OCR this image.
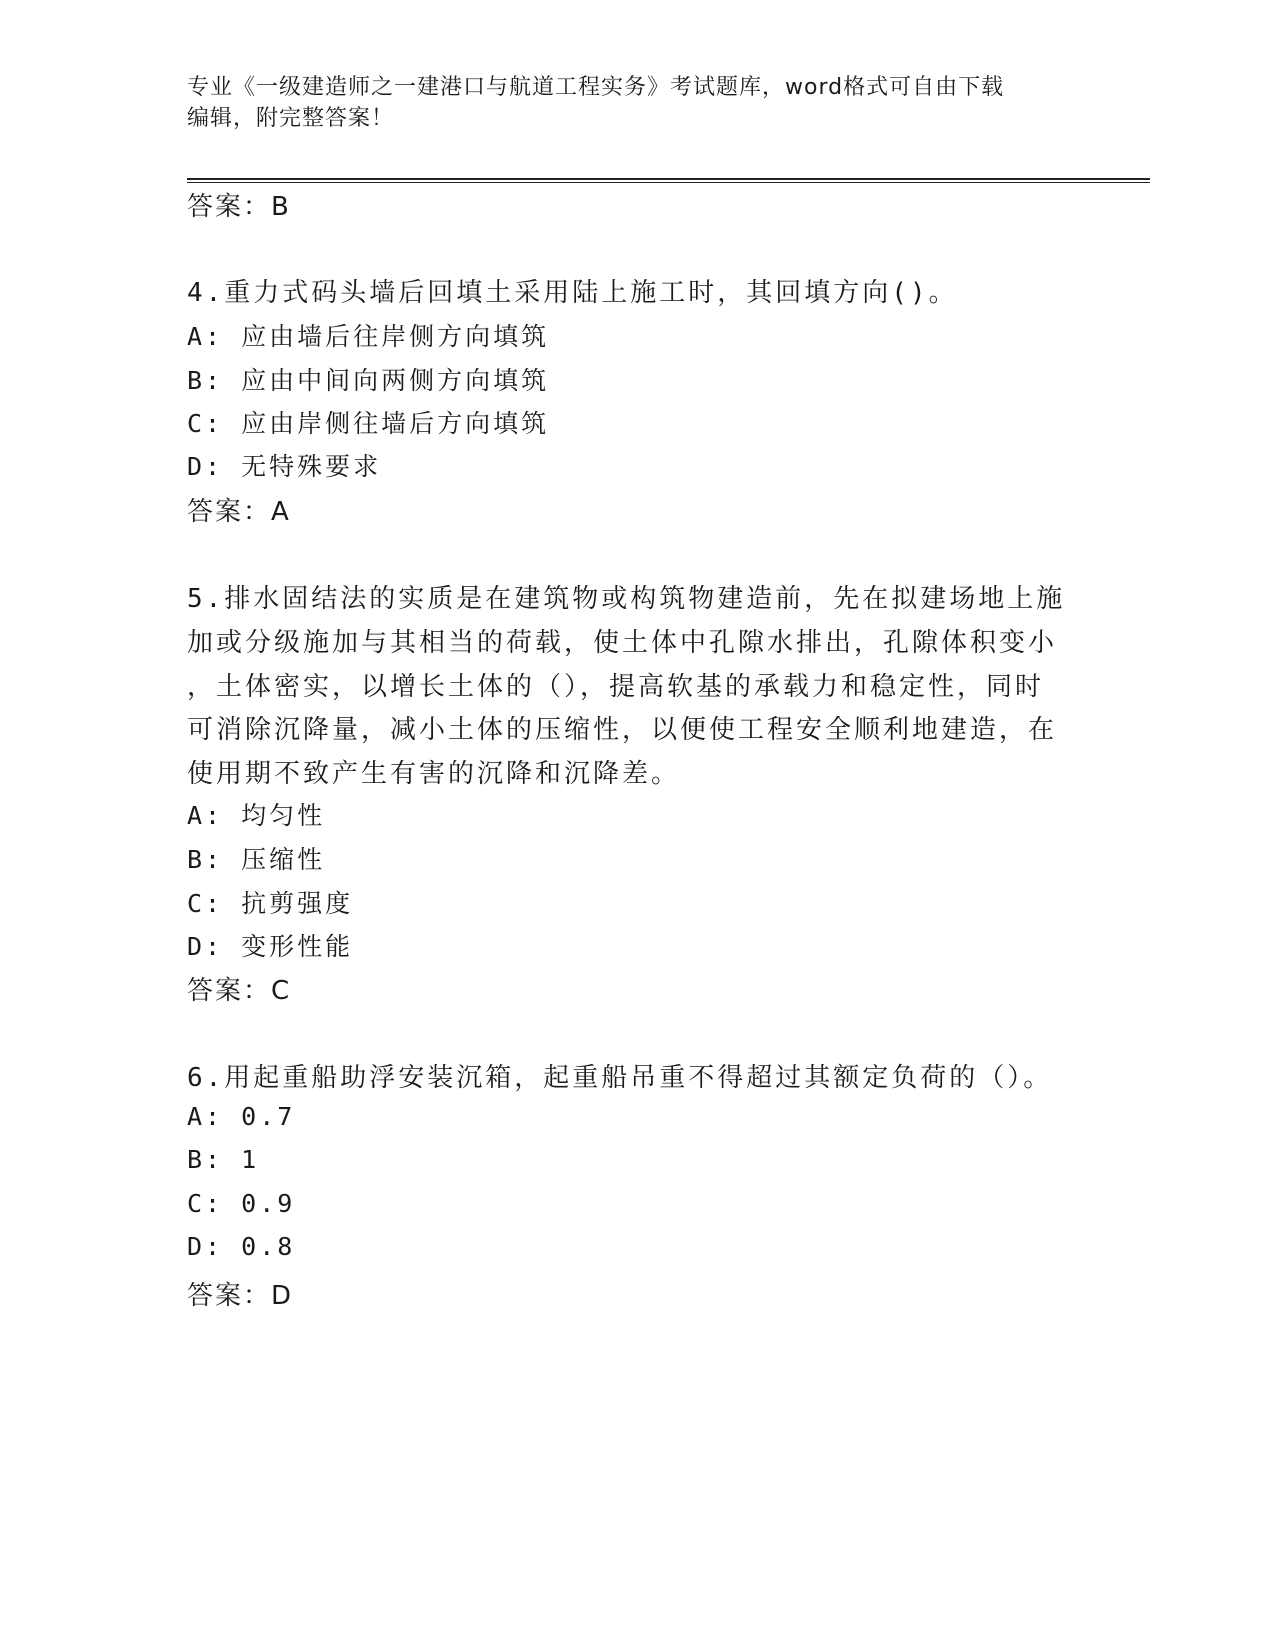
专业《一级建造师之一建港口与航道工程实务》考试题库，word格式可自由下载
编辑，附完整答案！
答案：B
4.重力式码头墙后回填土采用陆上施工时，其回填方向()。
A: 应由墙后往岸侧方向填筑
B: 应由中间向两侧方向填筑
C: 应由岸侧往墙后方向填筑
D: 无特殊要求
答案：A
5.排水固结法的实质是在建筑物或构筑物建造前，先在拟建场地上施
加或分级施加与其相当的荷载，使土体中孔隙水排出，孔隙体积变小
，土体密实，以增长土体的（），提高软基的承载力和稳定性，同时
可消除沉降量，减小土体的压缩性，以便使工程安全顺利地建造，在
使用期不致产生有害的沉降和沉降差。
A: 均匀性
B: 压缩性
C: 抗剪强度
D: 变形性能
答案：C
6.用起重船助浮安装沉箱，起重船吊重不得超过其额定负荷的（）。
A: 0.7
B: 1
C: 0.9
D: 0.8
答案：D
